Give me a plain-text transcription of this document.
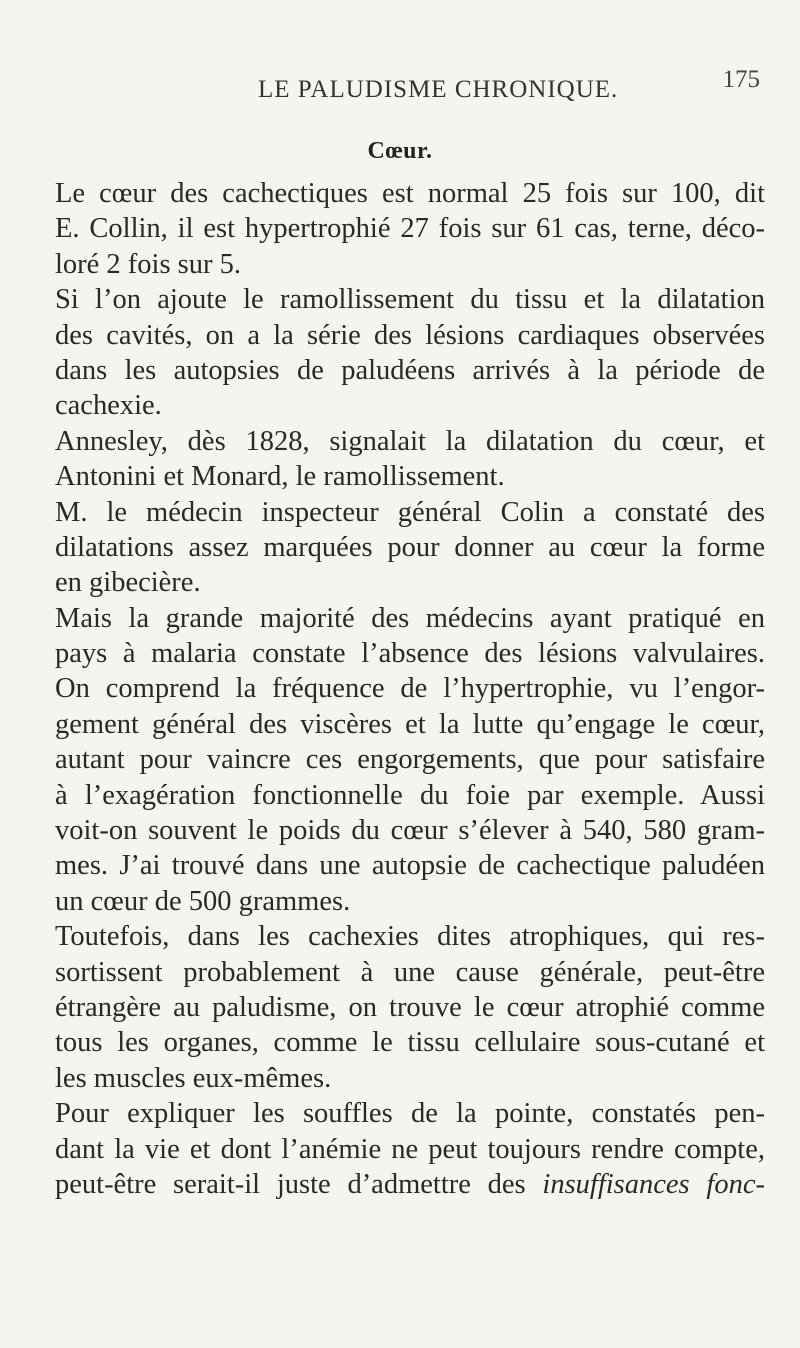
LE PALUDISME CHRONIQUE.	175
Cœur.
Le cœur des cachectiques est normal 25 fois sur 100, dit
E. Collin, il est hypertrophié 27 fois sur 61 cas, terne, déco-
loré 2 fois sur 5.
Si l’on ajoute le ramollissement du tissu et la dilatation
des cavités, on a la série des lésions cardiaques observées
dans les autopsies de paludéens arrivés à la période de
cachexie.
Annesley, dès 1828, signalait la dilatation du cœur, et
Antonini et Monard, le ramollissement.
M. le médecin inspecteur général Colin a constaté des
dilatations assez marquées pour donner au cœur la forme
en gibecière.
Mais la grande majorité des médecins ayant pratiqué en
pays à malaria constate l’absence des lésions valvulaires.
On comprend la fréquence de l’hypertrophie, vu l’engor-
gement général des viscères et la lutte qu’engage le cœur,
autant pour vaincre ces engorgements, que pour satisfaire
à l’exagération fonctionnelle du foie par exemple. Aussi
voit-on souvent le poids du cœur s’élever à 540, 580 gram-
mes. J’ai trouvé dans une autopsie de cachectique paludéen
un cœur de 500 grammes.
Toutefois, dans les cachexies dites atrophiques, qui res-
sortissent probablement à une cause générale, peut-être
étrangère au paludisme, on trouve le cœur atrophié comme
tous les organes, comme le tissu cellulaire sous-cutané et
les muscles eux-mêmes.
Pour expliquer les souffles de la pointe, constatés pen-
dant la vie et dont l’anémie ne peut toujours rendre compte,
peut-être serait-il juste d’admettre des insuffisances fonc-
